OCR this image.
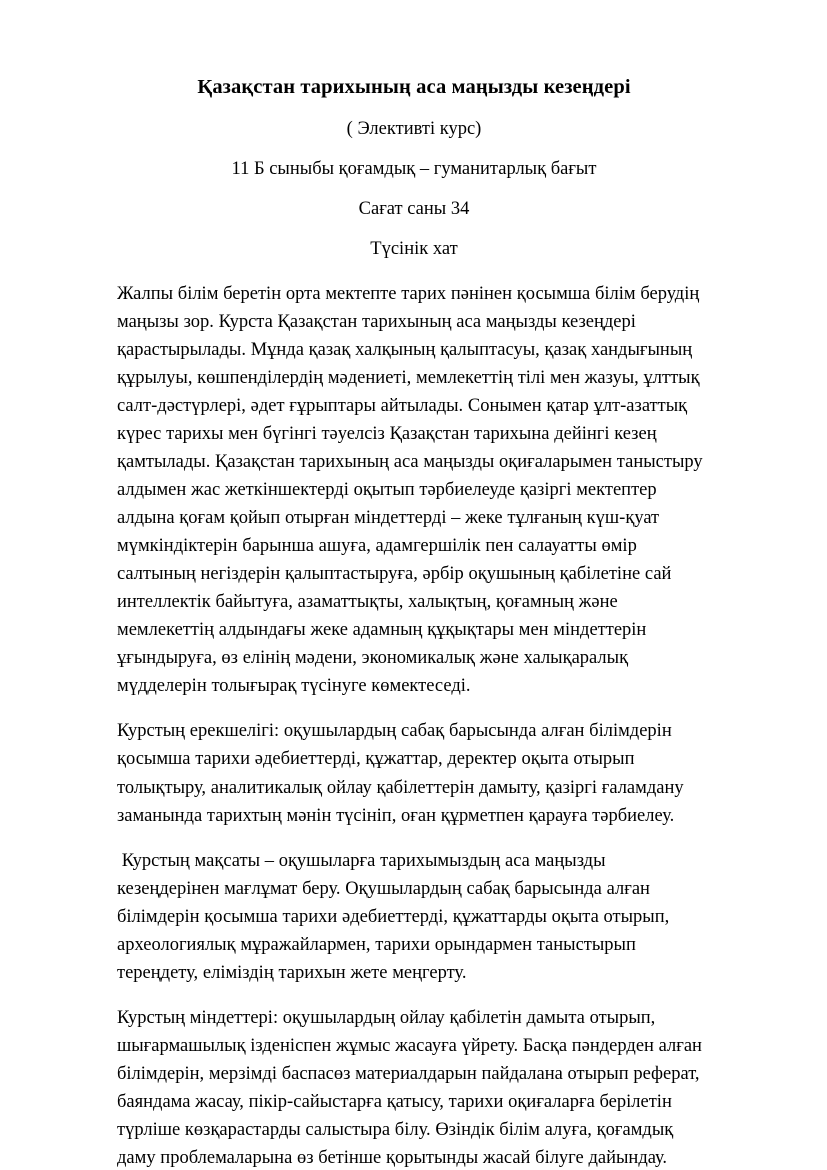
Қазақстан тарихының аса маңызды кезеңдері

( Элективті курс)

11 Б сыныбы қоғамдық – гуманитарлық бағыт

Сағат саны 34

Түсінік хат

Жалпы білім беретін орта мектепте тарих пәнінен қосымша білім берудің маңызы зор. Курста Қазақстан тарихының аса маңызды кезеңдері қарастырылады. Мұнда қазақ халқының қалыптасуы, қазақ хандығының құрылуы, көшпенділердің мәдениеті, мемлекеттің тілі мен жазуы, ұлттық салт-дәстүрлері, әдет ғұрыптары айтылады. Сонымен қатар ұлт-азаттық күрес тарихы мен бүгінгі тәуелсіз Қазақстан тарихына дейінгі кезең қамтылады. Қазақстан тарихының аса маңызды оқиғаларымен таныстыру алдымен жас жеткіншектерді оқытып тәрбиелеуде қазіргі мектептер алдына қоғам қойып отырған міндеттерді – жеке тұлғаның күш-қуат мүмкіндіктерін барынша ашуға, адамгершілік пен салауатты өмір салтының негіздерін қалыптастыруға, әрбір оқушының қабілетіне сай интеллектік байытуға, азаматтықты, халықтың, қоғамның және мемлекеттің алдындағы жеке адамның құқықтары мен міндеттерін ұғындыруға, өз елінің мәдени, экономикалық және халықаралық мүдделерін толығырақ түсінуге көмектеседі.

Курстың ерекшелігі: оқушылардың сабақ барысында алған білімдерін қосымша тарихи әдебиеттерді, құжаттар, деректер оқыта отырып толықтыру, аналитикалық ойлау қабілеттерін дамыту, қазіргі ғаламдану заманында тарихтың мәнін түсініп, оған құрметпен қарауға тәрбиелеу.

Курстың мақсаты – оқушыларға тарихымыздың аса маңызды кезеңдерінен мағлұмат беру. Оқушылардың сабақ барысында алған білімдерін қосымша тарихи әдебиеттерді, құжаттарды оқыта отырып, археологиялық мұражайлармен, тарихи орындармен таныстырып тереңдету, еліміздің тарихын жете меңгерту.

Курстың міндеттері: оқушылардың ойлау қабілетін дамыта отырып, шығармашылық ізденіспен жұмыс жасауға үйрету. Басқа пәндерден алған білімдерін, мерзімді баспасөз материалдарын пайдалана отырып реферат, баяндама жасау, пікір-сайыстарға қатысу, тарихи оқиғаларға берілетін түрліше көзқарастарды салыстыра білу. Өзіндік білім алуға, қоғамдық даму проблемаларына өз бетінше қорытынды жасай білуге дайындау.
